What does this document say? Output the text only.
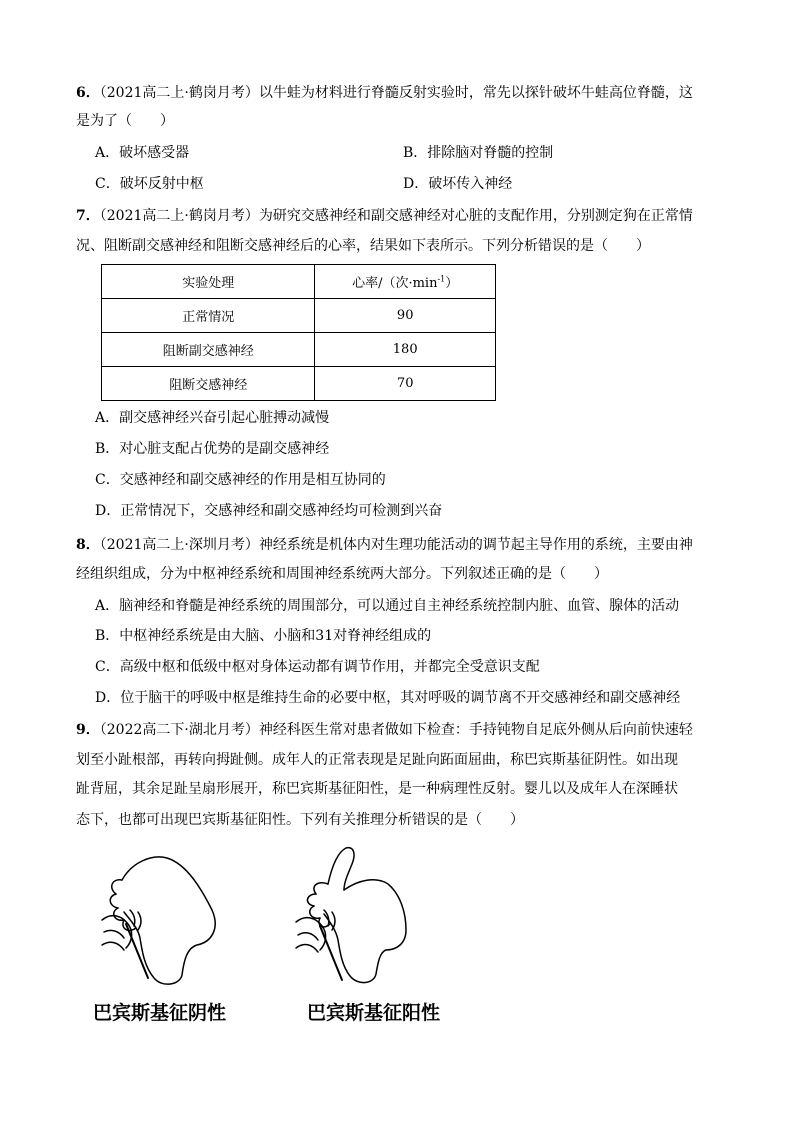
6．（2021高二上·鹤岗月考）以牛蛙为材料进行脊髓反射实验时，常先以探针破坏牛蛙高位脊髓，这
是为了（　　）
A．破坏感受器	B．排除脑对脊髓的控制
C．破坏反射中枢	D．破坏传入神经
7．（2021高二上·鹤岗月考）为研究交感神经和副交感神经对心脏的支配作用，分别测定狗在正常情
况、阻断副交感神经和阻断交感神经后的心率，结果如下表所示。下列分析错误的是（　　）
实验处理	心率/（次$\cdot\min^{-1}$）
正常情况	90
阻断副交感神经	180
阻断交感神经	70
A．副交感神经兴奋引起心脏搏动减慢
B．对心脏支配占优势的是副交感神经
C．交感神经和副交感神经的作用是相互协同的
D．正常情况下，交感神经和副交感神经均可检测到兴奋
8．（2021高二上·深圳月考）神经系统是机体内对生理功能活动的调节起主导作用的系统，主要由神
经组织组成，分为中枢神经系统和周围神经系统两大部分。下列叙述正确的是（　　）
A．脑神经和脊髓是神经系统的周围部分，可以通过自主神经系统控制内脏、血管、腺体的活动
B．中枢神经系统是由大脑、小脑和31对脊神经组成的
C．高级中枢和低级中枢对身体运动都有调节作用，并都完全受意识支配
D．位于脑干的呼吸中枢是维持生命的必要中枢，其对呼吸的调节离不开交感神经和副交感神经
9．（2022高二下·湖北月考）神经科医生常对患者做如下检查：手持钝物自足底外侧从后向前快速轻
划至小趾根部，再转向拇趾侧。成年人的正常表现是足趾向跖面屈曲，称巴宾斯基征阴性。如出现
趾背屈，其余足趾呈扇形展开，称巴宾斯基征阳性，是一种病理性反射。婴儿以及成年人在深睡状
态下，也都可出现巴宾斯基征阳性。下列有关推理分析错误的是（　　）
巴宾斯基征阴性	巴宾斯基征阳性
